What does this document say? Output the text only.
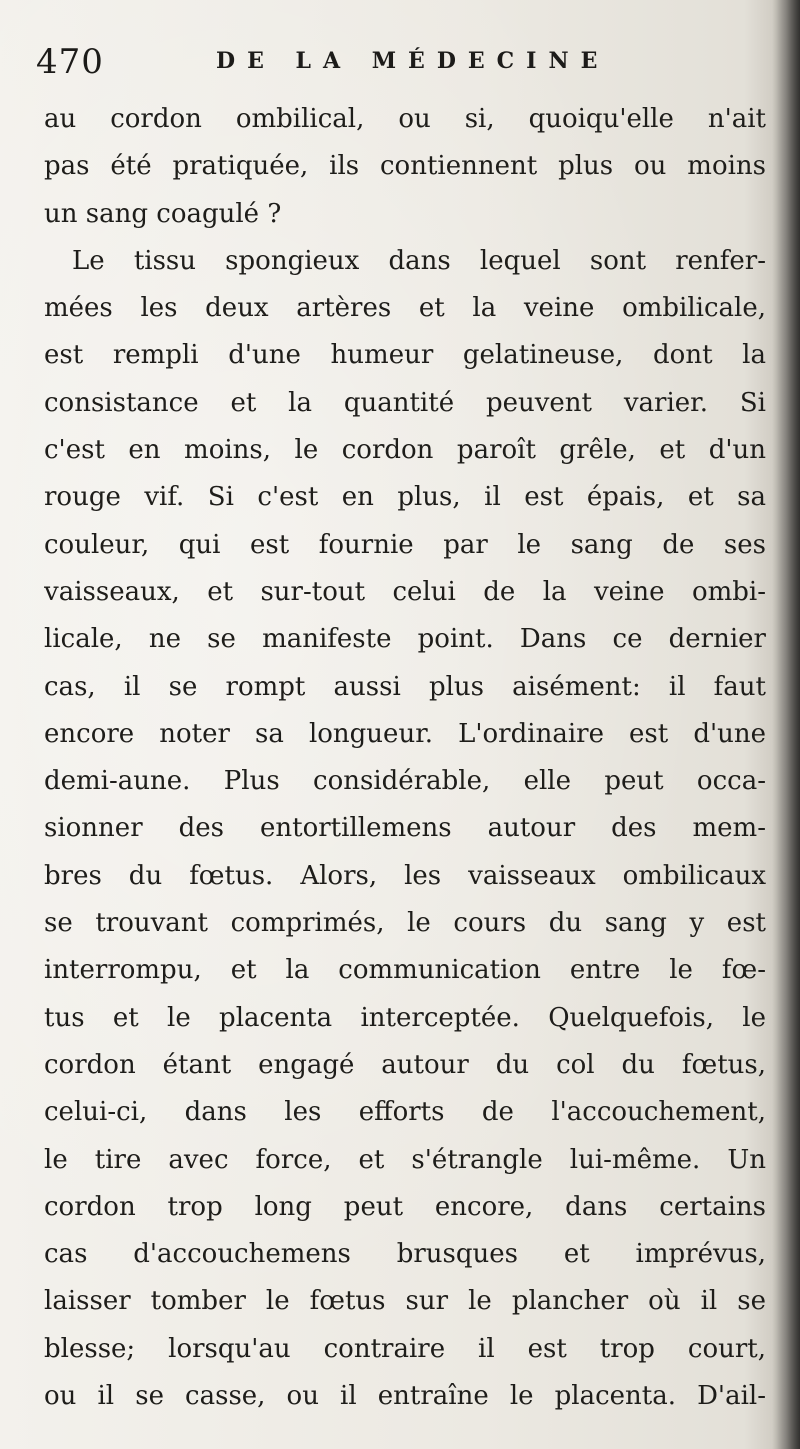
470	DE LA MÉDECINE
au cordon ombilical, ou si, quoiqu'elle n'ait
pas été pratiquée, ils contiennent plus ou moins
un sang coagulé ?
Le tissu spongieux dans lequel sont renfer-
mées les deux artères et la veine ombilicale,
est rempli d'une humeur gelatineuse, dont la
consistance et la quantité peuvent varier. Si
c'est en moins, le cordon paroît grêle, et d'un
rouge vif. Si c'est en plus, il est épais, et sa
couleur, qui est fournie par le sang de ses
vaisseaux, et sur-tout celui de la veine ombi-
licale, ne se manifeste point. Dans ce dernier
cas, il se rompt aussi plus aisément: il faut
encore noter sa longueur. L'ordinaire est d'une
demi-aune. Plus considérable, elle peut occa-
sionner des entortillemens autour des mem-
bres du fœtus. Alors, les vaisseaux ombilicaux
se trouvant comprimés, le cours du sang y est
interrompu, et la communication entre le fœ-
tus et le placenta interceptée. Quelquefois, le
cordon étant engagé autour du col du fœtus,
celui-ci, dans les efforts de l'accouchement,
le tire avec force, et s'étrangle lui-même. Un
cordon trop long peut encore, dans certains
cas d'accouchemens brusques et imprévus,
laisser tomber le fœtus sur le plancher où il se
blesse; lorsqu'au contraire il est trop court,
ou il se casse, ou il entraîne le placenta. D'ail-
